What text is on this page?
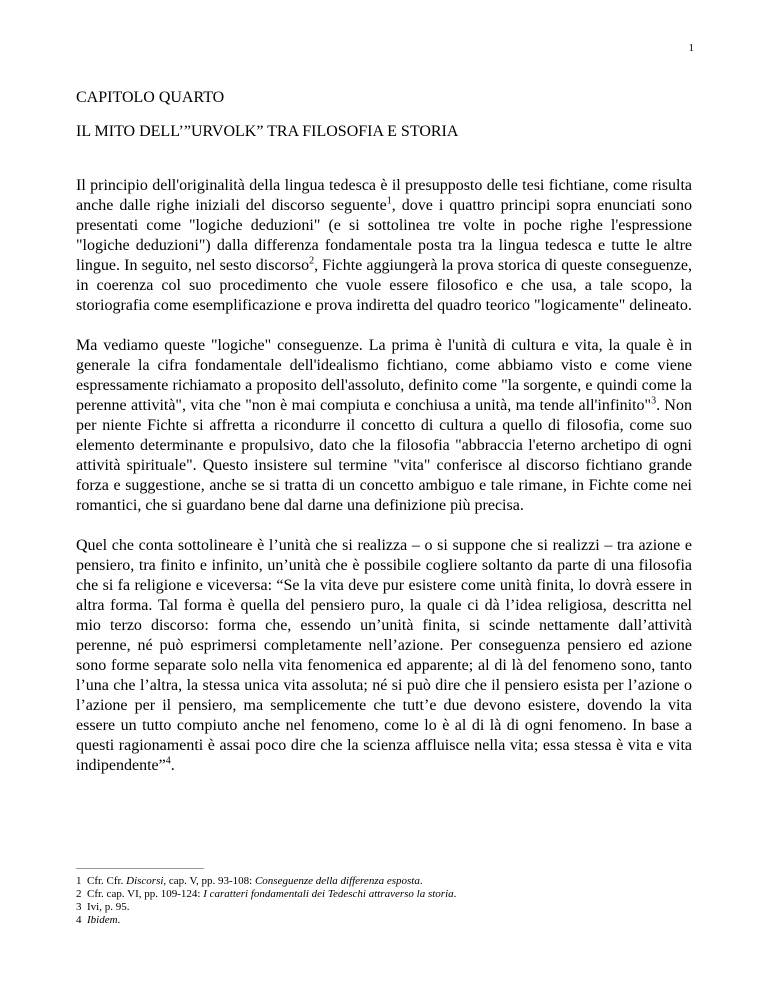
1
CAPITOLO QUARTO
IL MITO DELL’”URVOLK” TRA FILOSOFIA E STORIA

Il principio dell'originalità della lingua tedesca è il presupposto delle tesi fichtiane, come risulta anche dalle righe iniziali del discorso seguente$^1$, dove i quattro principi sopra enunciati sono presentati come "logiche deduzioni" (e si sottolinea tre volte in poche righe l'espressione "logiche deduzioni") dalla differenza fondamentale posta tra la lingua tedesca e tutte le altre lingue. In seguito, nel sesto discorso$^2$, Fichte aggiungerà la prova storica di queste conseguenze, in coerenza col suo procedimento che vuole essere filosofico e che usa, a tale scopo, la storiografia come esemplificazione e prova indiretta del quadro teorico "logicamente" delineato.

Ma vediamo queste "logiche" conseguenze. La prima è l'unità di cultura e vita, la quale è in generale la cifra fondamentale dell'idealismo fichtiano, come abbiamo visto e come viene espressamente richiamato a proposito dell'assoluto, definito come "la sorgente, e quindi come la perenne attività", vita che "non è mai compiuta e conchiusa a unità, ma tende all'infinito"$^3$. Non per niente Fichte si affretta a ricondurre il concetto di cultura a quello di filosofia, come suo elemento determinante e propulsivo, dato che la filosofia "abbraccia l'eterno archetipo di ogni attività spirituale". Questo insistere sul termine "vita" conferisce al discorso fichtiano grande forza e suggestione, anche se si tratta di un concetto ambiguo e tale rimane, in Fichte come nei romantici, che si guardano bene dal darne una definizione più precisa.

Quel che conta sottolineare è l’unità che si realizza – o si suppone che si realizzi – tra azione e pensiero, tra finito e infinito, un’unità che è possibile cogliere soltanto da parte di una filosofia che si fa religione e viceversa: “Se la vita deve pur esistere come unità finita, lo dovrà essere in altra forma. Tal forma è quella del pensiero puro, la quale ci dà l’idea religiosa, descritta nel mio terzo discorso: forma che, essendo un’unità finita, si scinde nettamente dall’attività perenne, né può esprimersi completamente nell’azione. Per conseguenza pensiero ed azione sono forme separate solo nella vita fenomenica ed apparente; al di là del fenomeno sono, tanto l’una che l’altra, la stessa unica vita assoluta; né si può dire che il pensiero esista per l’azione o l’azione per il pensiero, ma semplicemente che tutt’e due devono esistere, dovendo la vita essere un tutto compiuto anche nel fenomeno, come lo è al di là di ogni fenomeno. In base a questi ragionamenti è assai poco dire che la scienza affluisce nella vita; essa stessa è vita e vita indipendente”$^4$.

1 Cfr. Cfr. Discorsi, cap. V, pp. 93-108: Conseguenze della differenza esposta.
2 Cfr. cap. VI, pp. 109-124: I caratteri fondamentali dei Tedeschi attraverso la storia.
3 Ivi, p. 95.
4 Ibidem.
